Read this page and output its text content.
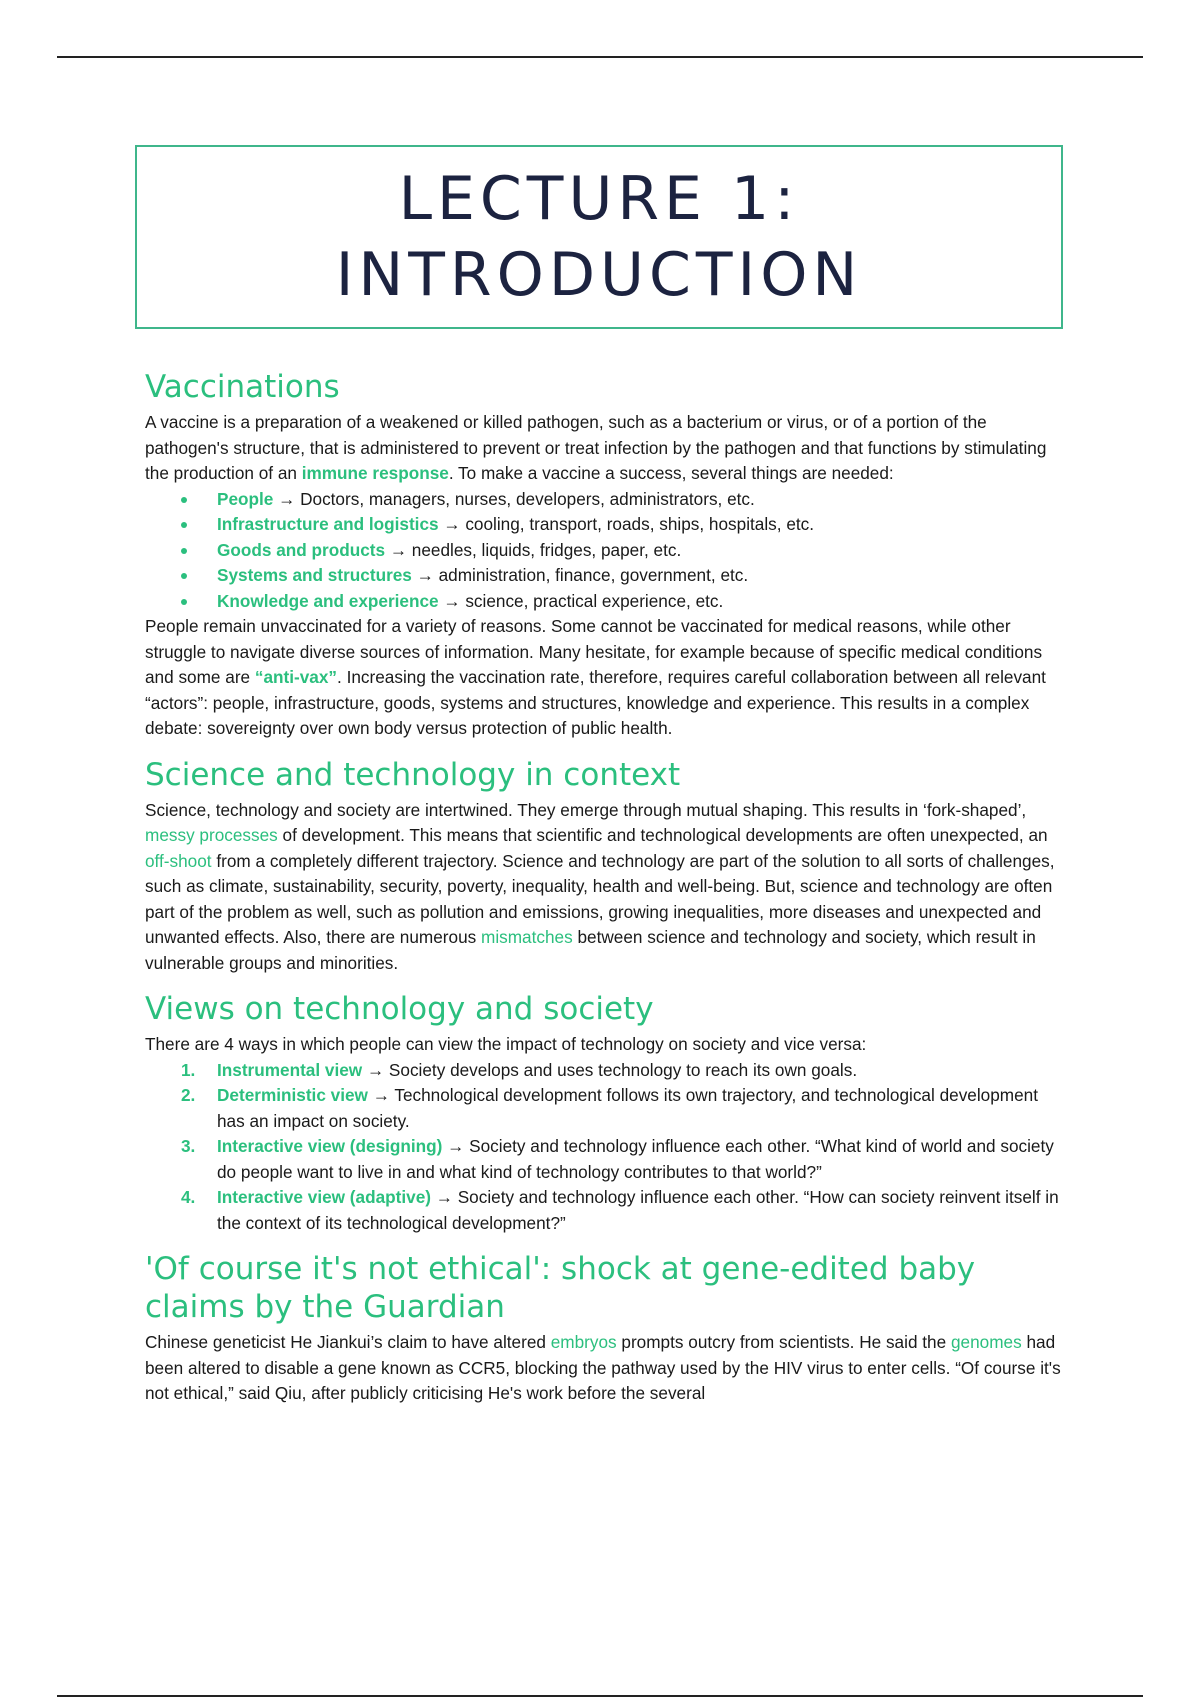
LECTURE 1:
INTRODUCTION
Vaccinations

A vaccine is a preparation of a weakened or killed pathogen, such as a bacterium or virus, or of a portion of the pathogen's structure, that is administered to prevent or treat infection by the pathogen and that functions by stimulating the production of an immune response. To make a vaccine a success, several things are needed:

People → Doctors, managers, nurses, developers, administrators, etc.
Infrastructure and logistics → cooling, transport, roads, ships, hospitals, etc.
Goods and products → needles, liquids, fridges, paper, etc.
Systems and structures → administration, finance, government, etc.
Knowledge and experience → science, practical experience, etc.

People remain unvaccinated for a variety of reasons. Some cannot be vaccinated for medical reasons, while other struggle to navigate diverse sources of information. Many hesitate, for example because of specific medical conditions and some are “anti-vax”. Increasing the vaccination rate, therefore, requires careful collaboration between all relevant “actors”: people, infrastructure, goods, systems and structures, knowledge and experience. This results in a complex debate: sovereignty over own body versus protection of public health.

Science and technology in context

Science, technology and society are intertwined. They emerge through mutual shaping. This results in ‘fork-shaped’, messy processes of development. This means that scientific and technological developments are often unexpected, an off-shoot from a completely different trajectory. Science and technology are part of the solution to all sorts of challenges, such as climate, sustainability, security, poverty, inequality, health and well-being. But, science and technology are often part of the problem as well, such as pollution and emissions, growing inequalities, more diseases and unexpected and unwanted effects. Also, there are numerous mismatches between science and technology and society, which result in vulnerable groups and minorities.

Views on technology and society

There are 4 ways in which people can view the impact of technology on society and vice versa:

1. Instrumental view → Society develops and uses technology to reach its own goals.
2. Deterministic view → Technological development follows its own trajectory, and technological development has an impact on society.
3. Interactive view (designing) → Society and technology influence each other. “What kind of world and society do people want to live in and what kind of technology contributes to that world?”
4. Interactive view (adaptive) → Society and technology influence each other. “How can society reinvent itself in the context of its technological development?”
'Of course it's not ethical': shock at gene-edited baby claims by the Guardian

Chinese geneticist He Jiankui’s claim to have altered embryos prompts outcry from scientists. He said the genomes had been altered to disable a gene known as CCR5, blocking the pathway used by the HIV virus to enter cells. “Of course it's not ethical,” said Qiu, after publicly criticising He's work before the several
